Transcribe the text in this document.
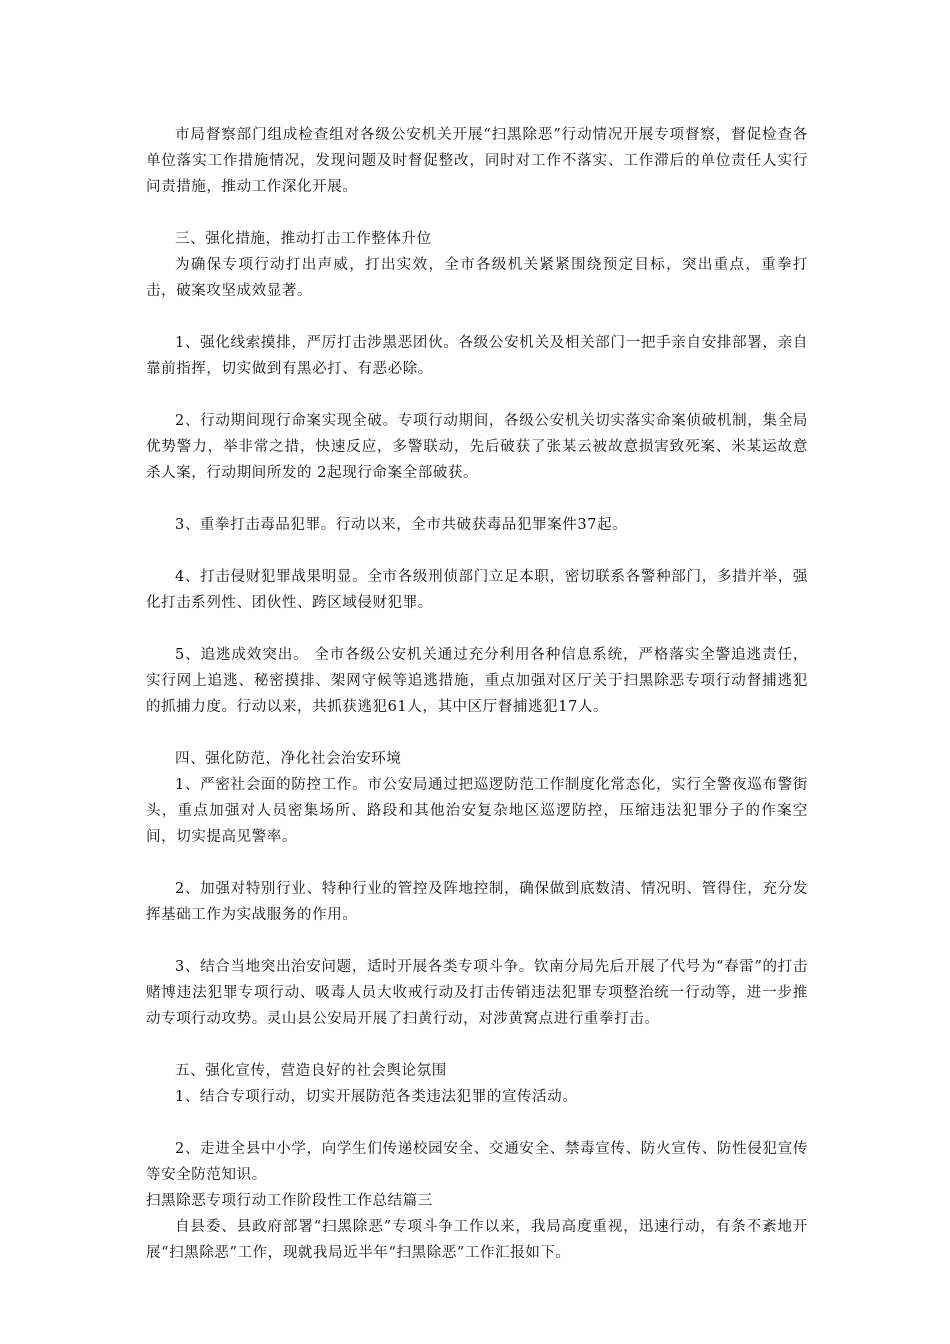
市局督察部门组成检查组对各级公安机关开展“扫黑除恶”行动情况开展专项督察，督促检查各单位落实工作措施情况，发现问题及时督促整改，同时对工作不落实、工作滞后的单位责任人实行问责措施，推动工作深化开展。

三、强化措施，推动打击工作整体升位

为确保专项行动打出声威，打出实效，全市各级机关紧紧围绕预定目标，突出重点，重拳打击，破案攻坚成效显著。

1、强化线索摸排，严厉打击涉黑恶团伙。各级公安机关及相关部门一把手亲自安排部署，亲自靠前指挥，切实做到有黑必打、有恶必除。

2、行动期间现行命案实现全破。专项行动期间，各级公安机关切实落实命案侦破机制，集全局优势警力，举非常之措，快速反应，多警联动，先后破获了张某云被故意损害致死案、米某运故意杀人案，行动期间所发的 2起现行命案全部破获。

3、重拳打击毒品犯罪。行动以来，全市共破获毒品犯罪案件37起。

4、打击侵财犯罪战果明显。全市各级刑侦部门立足本职，密切联系各警种部门，多措并举，强化打击系列性、团伙性、跨区域侵财犯罪。

5、追逃成效突出。 全市各级公安机关通过充分利用各种信息系统，严格落实全警追逃责任，实行网上追逃、秘密摸排、架网守候等追逃措施，重点加强对区厅关于扫黑除恶专项行动督捕逃犯的抓捕力度。行动以来，共抓获逃犯61人，其中区厅督捕逃犯17人。

四、强化防范，净化社会治安环境

1、严密社会面的防控工作。市公安局通过把巡逻防范工作制度化常态化，实行全警夜巡布警街头，重点加强对人员密集场所、路段和其他治安复杂地区巡逻防控，压缩违法犯罪分子的作案空间，切实提高见警率。

2、加强对特别行业、特种行业的管控及阵地控制，确保做到底数清、情况明、管得住，充分发挥基础工作为实战服务的作用。

3、结合当地突出治安问题，适时开展各类专项斗争。钦南分局先后开展了代号为“春雷”的打击赌博违法犯罪专项行动、吸毒人员大收戒行动及打击传销违法犯罪专项整治统一行动等，进一步推动专项行动攻势。灵山县公安局开展了扫黄行动，对涉黄窝点进行重拳打击。

五、强化宣传，营造良好的社会舆论氛围

1、结合专项行动，切实开展防范各类违法犯罪的宣传活动。

2、走进全县中小学，向学生们传递校园安全、交通安全、禁毒宣传、防火宣传、防性侵犯宣传等安全防范知识。

扫黑除恶专项行动工作阶段性工作总结篇三

自县委、县政府部署“扫黑除恶”专项斗争工作以来，我局高度重视，迅速行动，有条不紊地开展“扫黑除恶”工作，现就我局近半年“扫黑除恶”工作汇报如下。
